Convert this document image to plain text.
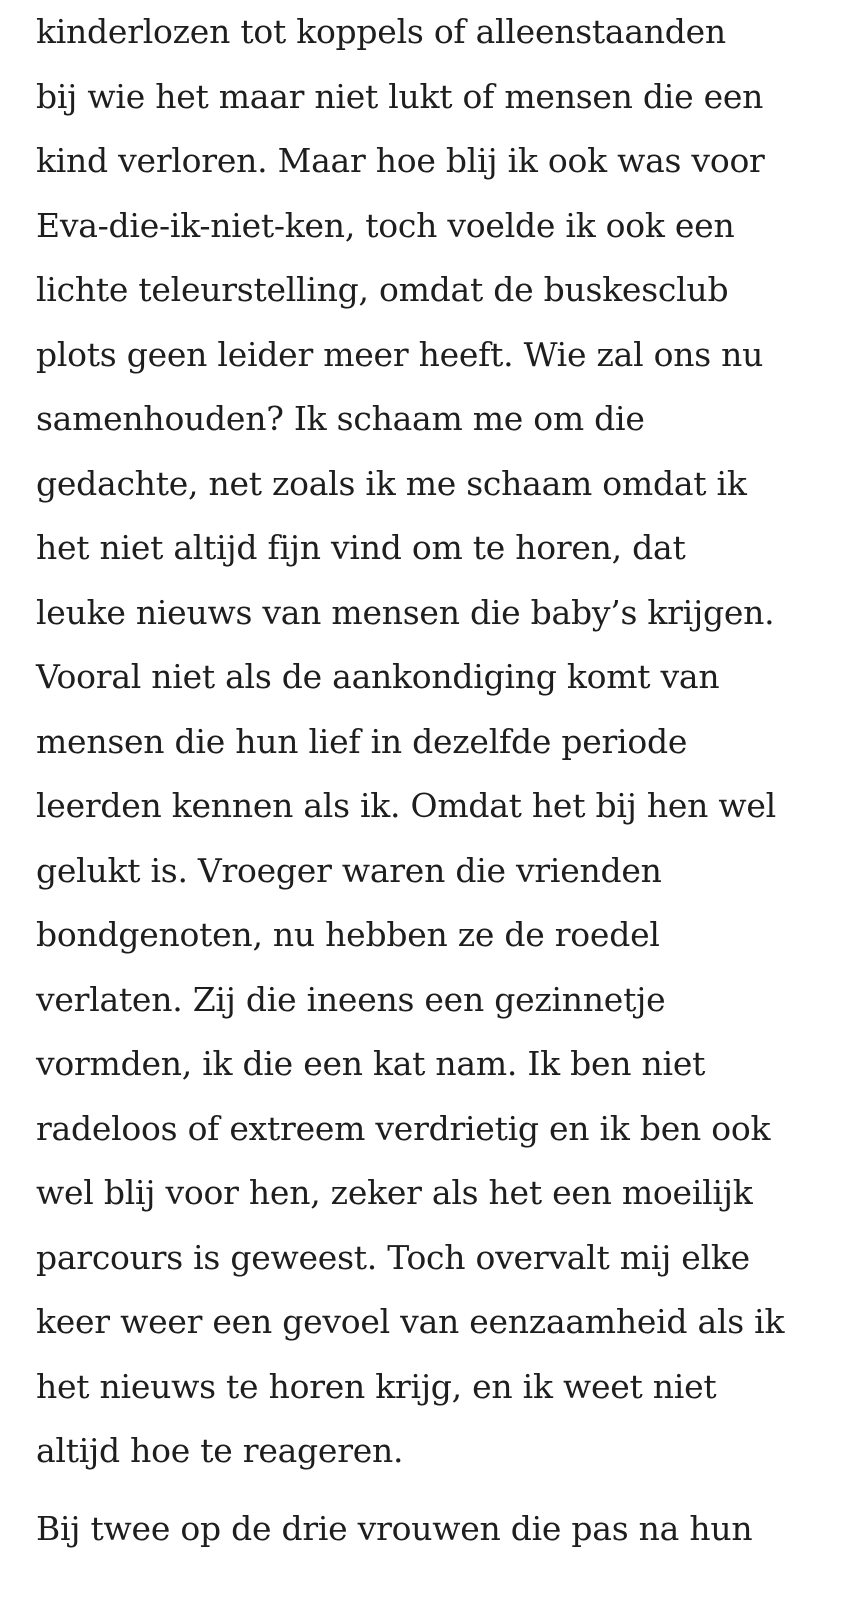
kinderlozen tot koppels of alleenstaanden
bij wie het maar niet lukt of mensen die een
kind verloren. Maar hoe blij ik ook was voor
Eva-die-ik-niet-ken, toch voelde ik ook een
lichte teleurstelling, omdat de buskesclub
plots geen leider meer heeft. Wie zal ons nu
samenhouden? Ik schaam me om die
gedachte, net zoals ik me schaam omdat ik
het niet altijd fijn vind om te horen, dat
leuke nieuws van mensen die baby’s krijgen.
Vooral niet als de aankondiging komt van
mensen die hun lief in dezelfde periode
leerden kennen als ik. Omdat het bij hen wel
gelukt is. Vroeger waren die vrienden
bondgenoten, nu hebben ze de roedel
verlaten. Zij die ineens een gezinnetje
vormden, ik die een kat nam. Ik ben niet
radeloos of extreem verdrietig en ik ben ook
wel blij voor hen, zeker als het een moeilijk
parcours is geweest. Toch overvalt mij elke
keer weer een gevoel van eenzaamheid als ik
het nieuws te horen krijg, en ik weet niet
altijd hoe te reageren.

Bij twee op de drie vrouwen die pas na hun
